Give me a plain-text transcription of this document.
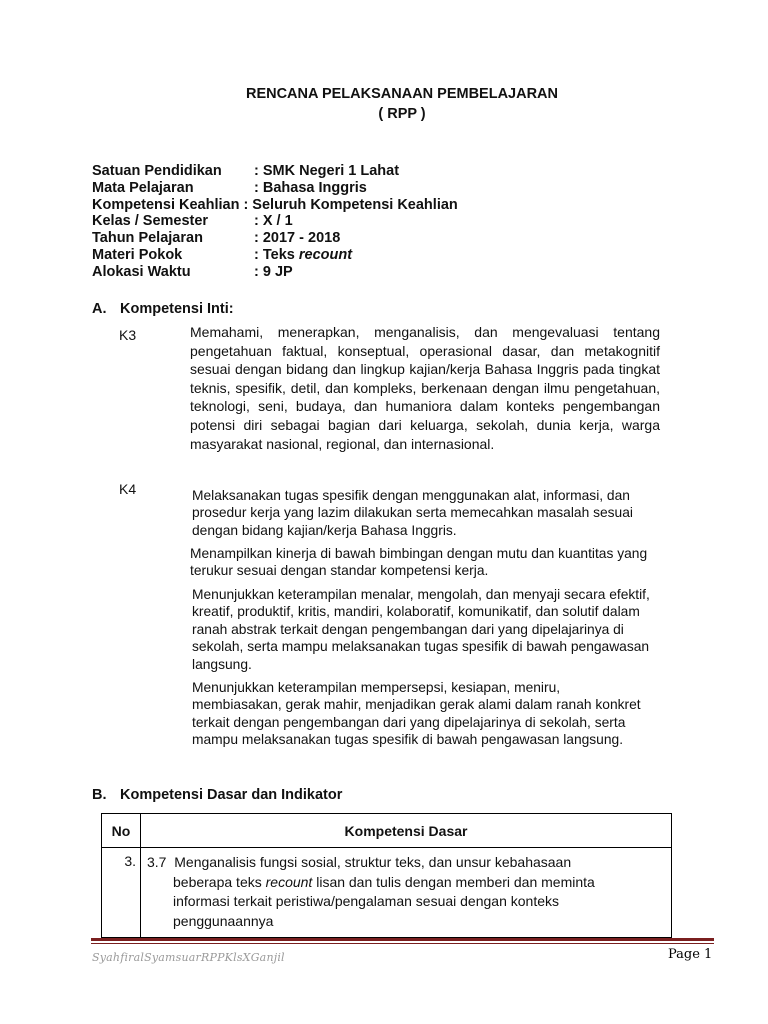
RENCANA PELAKSANAAN PEMBELAJARAN
( RPP )
Satuan Pendidikan : SMK Negeri 1 Lahat
Mata Pelajaran	: Bahasa Inggris
Kompetensi Keahlian : Seluruh Kompetensi Keahlian
Kelas / Semester	: X / 1
Tahun Pelajaran	: 2017 - 2018
Materi Pokok	: Teks recount
Alokasi Waktu	: 9 JP
A. Kompetensi Inti:
K3	Memahami, menerapkan, menganalisis, dan mengevaluasi tentang pengetahuan faktual, konseptual, operasional dasar, dan metakognitif sesuai dengan bidang dan lingkup kajian/kerja Bahasa Inggris pada tingkat teknis, spesifik, detil, dan kompleks, berkenaan dengan ilmu pengetahuan, teknologi, seni, budaya, dan humaniora dalam konteks pengembangan potensi diri sebagai bagian dari keluarga, sekolah, dunia kerja, warga masyarakat nasional, regional, dan internasional.
K4	Melaksanakan tugas spesifik dengan menggunakan alat, informasi, dan prosedur kerja yang lazim dilakukan serta memecahkan masalah sesuai dengan bidang kajian/kerja Bahasa Inggris.
Menampilkan kinerja di bawah bimbingan dengan mutu dan kuantitas yang terukur sesuai dengan standar kompetensi kerja.
Menunjukkan keterampilan menalar, mengolah, dan menyaji secara efektif, kreatif, produktif, kritis, mandiri, kolaboratif, komunikatif, dan solutif dalam ranah abstrak terkait dengan pengembangan dari yang dipelajarinya di sekolah, serta mampu melaksanakan tugas spesifik di bawah pengawasan langsung.
Menunjukkan keterampilan mempersepsi, kesiapan, meniru, membiasakan, gerak mahir, menjadikan gerak alami dalam ranah konkret terkait dengan pengembangan dari yang dipelajarinya di sekolah, serta mampu melaksanakan tugas spesifik di bawah pengawasan langsung.
B. Kompetensi Dasar dan Indikator
No	Kompetensi Dasar
3.	3.7  Menganalisis fungsi sosial, struktur teks, dan unsur kebahasaan
beberapa teks recount lisan dan tulis dengan memberi dan meminta
informasi terkait peristiwa/pengalaman sesuai dengan konteks
penggunaannya
SyahfiralSyamsuarRPPKlsXGanjil	Page 1
